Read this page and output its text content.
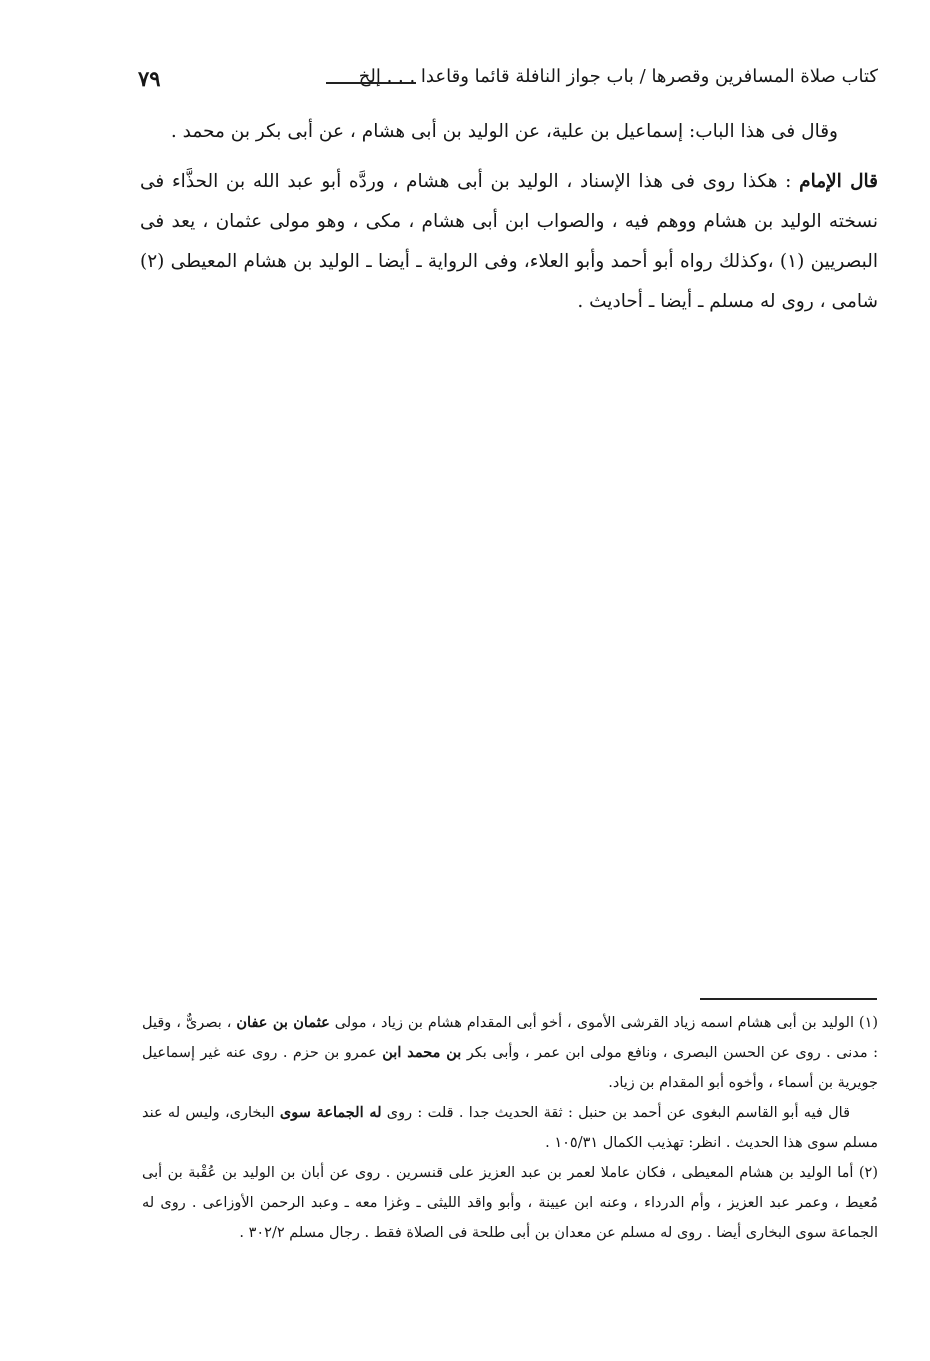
كتاب صلاة المسافرين وقصرها / باب جواز النافلة قائما وقاعدا . . . إلخ
٧٩

وقال فى هذا الباب: إسماعيل بن علية، عن الوليد بن أبى هشام ، عن أبى بكر بن محمد .

قال الإمام : هكذا روى فى هذا الإسناد ، الوليد بن أبى هشام ، وردَّه أبو عبد الله بن الحذَّاء فى نسخته الوليد بن هشام ووهم فيه ، والصواب ابن أبى هشام ، مكى ، وهو مولى عثمان ، يعد فى البصريين (١) ،وكذلك رواه أبو أحمد وأبو العلاء، وفى الرواية ـ أيضا ـ الوليد بن هشام المعيطى (٢) شامى ، روى له مسلم ـ أيضا ـ أحاديث .

(١) الوليد بن أبى هشام اسمه زياد القرشى الأموى ، أخو أبى المقدام هشام بن زياد ، مولى عثمان بن عفان ، بصرىٌّ ، وقيل : مدنى . روى عن الحسن البصرى ، ونافع مولى ابن عمر ، وأبى بكر بن محمد ابن عمرو بن حزم . روى عنه غير إسماعيل جويرية بن أسماء ، وأخوه أبو المقدام بن زياد.

قال فيه أبو القاسم البغوى عن أحمد بن حنبل : ثقة الحديث جدا . قلت : روى له الجماعة سوى البخارى، وليس له عند مسلم سوى هذا الحديث . انظر: تهذيب الكمال ١٠٥/٣١ .

(٢) أما الوليد بن هشام المعيطى ، فكان عاملا لعمر بن عبد العزيز على قنسرين . روى عن أبان بن الوليد بن عُقْبة بن أبى مُعيط ، وعمر عبد العزيز ، وأم الدرداء ، وعنه ابن عيينة ، وأبو واقد الليثى ـ وغزا معه ـ وعبد الرحمن الأوزاعى . روى له الجماعة سوى البخارى أيضا . روى له مسلم عن معدان بن أبى طلحة فى الصلاة فقط . رجال مسلم ٣٠٢/٢ .
